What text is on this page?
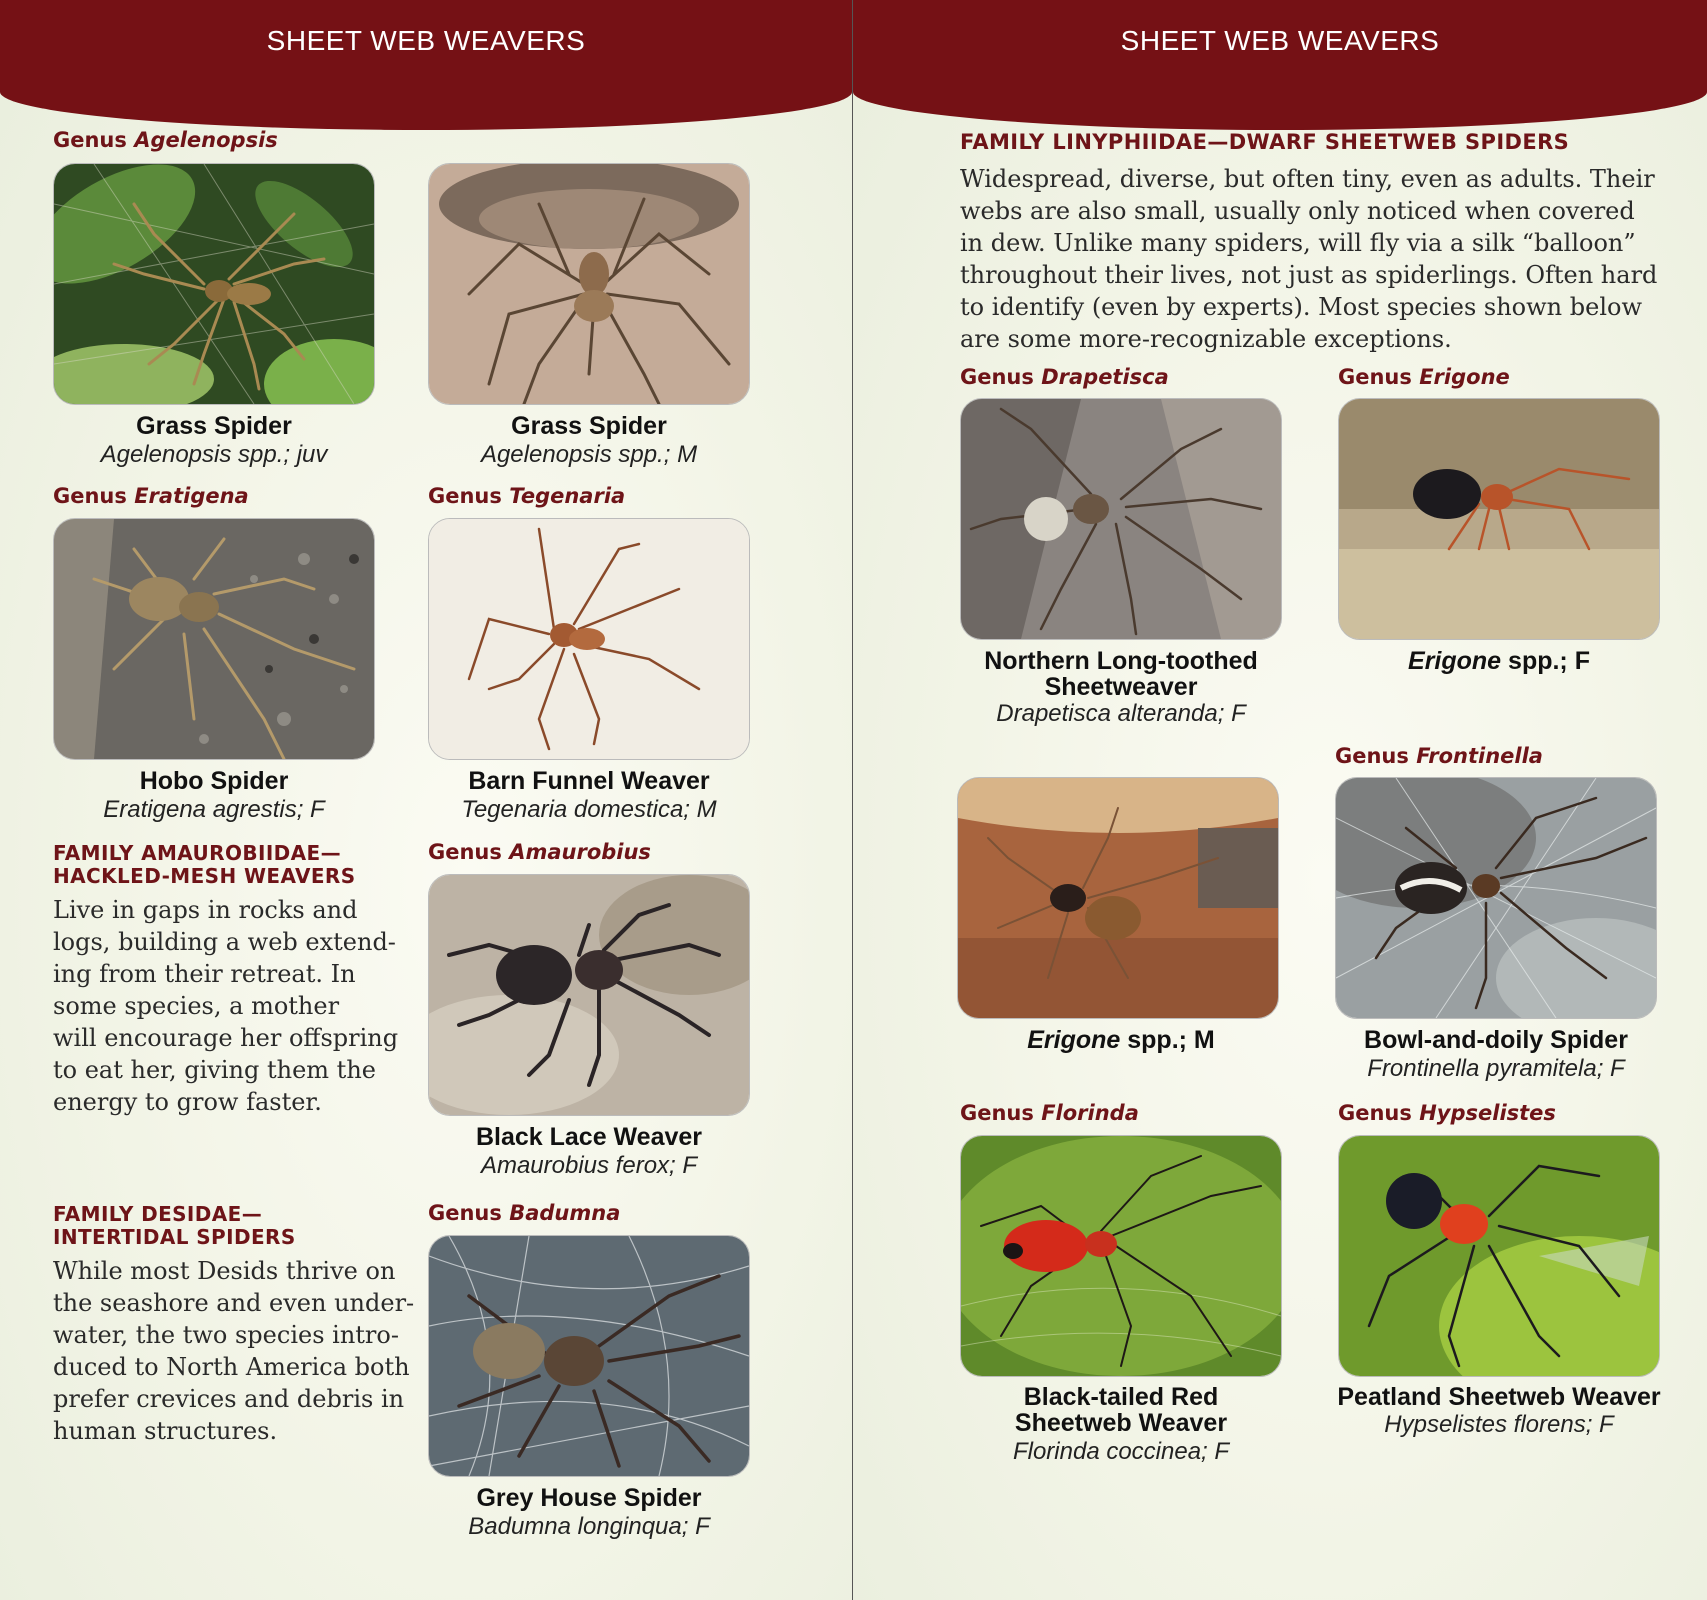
SHEET WEB WEAVERS
Genus Agelenopsis
Grass Spider
Agelenopsis spp.; juv
Grass Spider
Agelenopsis spp.; M
Genus Eratigena	Genus Tegenaria
Hobo Spider
Eratigena agrestis; F
Barn Funnel Weaver
Tegenaria domestica; M
FAMILY AMAUROBIIDAE—
HACKLED-MESH WEAVERS
Live in gaps in rocks and
logs, building a web extend-
ing from their retreat. In
some species, a mother
will encourage her offspring
to eat her, giving them the
energy to grow faster.
Genus Amaurobius
Black Lace Weaver
Amaurobius ferox; F
FAMILY DESIDAE—
INTERTIDAL SPIDERS
While most Desids thrive on
the seashore and even under-
water, the two species intro-
duced to North America both
prefer crevices and debris in
human structures.
Genus Badumna
Grey House Spider
Badumna longinqua; F
SHEET WEB WEAVERS
FAMILY LINYPHIIDAE—DWARF SHEETWEB SPIDERS
Widespread, diverse, but often tiny, even as adults. Their
webs are also small, usually only noticed when covered
in dew. Unlike many spiders, will fly via a silk “balloon”
throughout their lives, not just as spiderlings. Often hard
to identify (even by experts). Most species shown below
are some more-recognizable exceptions.
Genus Drapetisca	Genus Erigone
Northern Long-toothed
Sheetweaver
Drapetisca alteranda; F
Erigone spp.; F
Genus Frontinella
Erigone spp.; M	Bowl-and-doily Spider
Frontinella pyramitela; F
Genus Florinda	Genus Hypselistes
Black-tailed Red
Sheetweb Weaver
Florinda coccinea; F
Peatland Sheetweb Weaver
Hypselistes florens; F
